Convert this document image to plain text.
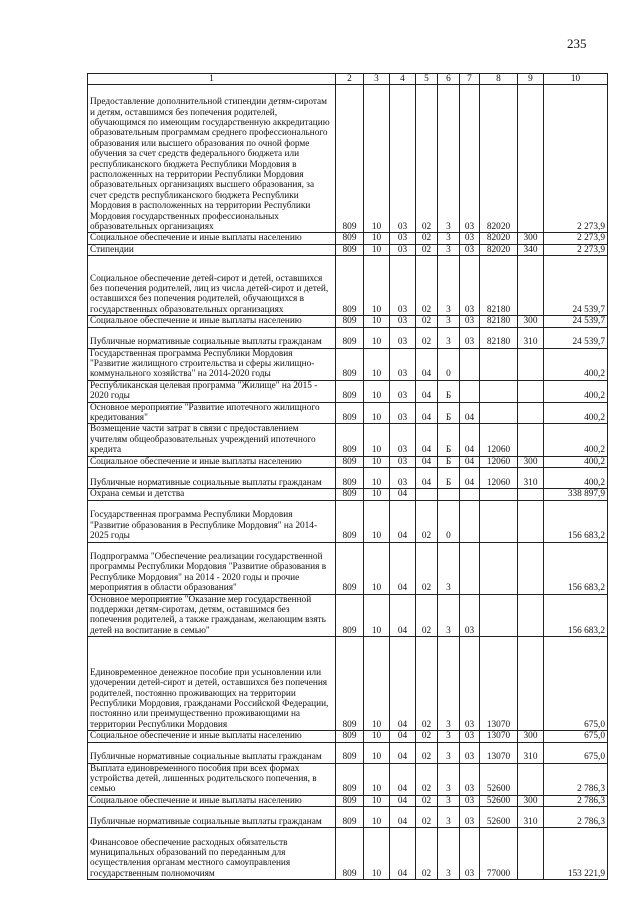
235
1	2	3	4	5	6	7	8	9	10
Предоставление дополнительной стипендии детям-сиротам и детям, оставшимся без попечения родителей, обучающимся по имеющим государственную аккредитацию образовательным программам среднего профессионального образования или высшего образования по очной форме обучения за счет средств федерального бюджета или республиканского бюджета Республики Мордовия в расположенных на территории Республики Мордовия образовательных организациях высшего образования, за счет средств республиканского бюджета Республики Мордовия в расположенных на территории Республики Мордовия государственных профессиональных образовательных организациях	809	10	03	02	3	03	82020		2 273,9
Социальное обеспечение и иные выплаты населению	809	10	03	02	3	03	82020	300	2 273,9
Стипендии	809	10	03	02	3	03	82020	340	2 273,9
Социальное обеспечение детей-сирот и детей, оставшихся без попечения родителей, лиц из числа детей-сирот и детей, оставшихся без попечения родителей, обучающихся в государственных образовательных организациях	809	10	03	02	3	03	82180		24 539,7
Социальное обеспечение и иные выплаты населению	809	10	03	02	3	03	82180	300	24 539,7
Публичные нормативные социальные выплаты гражданам	809	10	03	02	3	03	82180	310	24 539,7
Государственная программа Республики Мордовия "Развитие жилищного строительства и сферы жилищно-коммунального хозяйства" на 2014-2020 годы	809	10	03	04	0				400,2
Республиканская целевая программа "Жилище" на 2015 - 2020 годы	809	10	03	04	Б				400,2
Основное мероприятие "Развитие ипотечного жилищного кредитования"	809	10	03	04	Б	04			400,2
Возмещение части затрат в связи с предоставлением учителям общеобразовательных учреждений ипотечного кредита	809	10	03	04	Б	04	12060		400,2
Социальное обеспечение и иные выплаты населению	809	10	03	04	Б	04	12060	300	400,2
Публичные нормативные социальные выплаты гражданам	809	10	03	04	Б	04	12060	310	400,2
Охрана семьи и детства	809	10	04						338 897,9
Государственная программа Республики Мордовия "Развитие образования в Республике Мордовия" на 2014-2025 годы	809	10	04	02	0				156 683,2
Подпрограмма "Обеспечение реализации государственной программы Республики Мордовия "Развитие образования в Республике Мордовия" на 2014 - 2020 годы и прочие мероприятия в области образования"	809	10	04	02	3				156 683,2
Основное мероприятие "Оказание мер государственной поддержки детям-сиротам, детям, оставшимся без попечения родителей, а также гражданам, желающим взять детей на воспитание в семью"	809	10	04	02	3	03			156 683,2
Единовременное денежное пособие при усыновлении или удочерении детей-сирот и детей, оставшихся без попечения родителей, постоянно проживающих на территории Республики Мордовия, гражданами Российской Федерации, постоянно или преимущественно проживающими на территории Республики Мордовия	809	10	04	02	3	03	13070		675,0
Социальное обеспечение и иные выплаты населению	809	10	04	02	3	03	13070	300	675,0
Публичные нормативные социальные выплаты гражданам	809	10	04	02	3	03	13070	310	675,0
Выплата единовременного пособия при всех формах устройства детей, лишенных родительского попечения, в семью	809	10	04	02	3	03	52600		2 786,3
Социальное обеспечение и иные выплаты населению	809	10	04	02	3	03	52600	300	2 786,3
Публичные нормативные социальные выплаты гражданам	809	10	04	02	3	03	52600	310	2 786,3
Финансовое обеспечение расходных обязательств муниципальных образований по переданным для осуществления органам местного самоуправления государственным полномочиям	809	10	04	02	3	03	77000		153 221,9
